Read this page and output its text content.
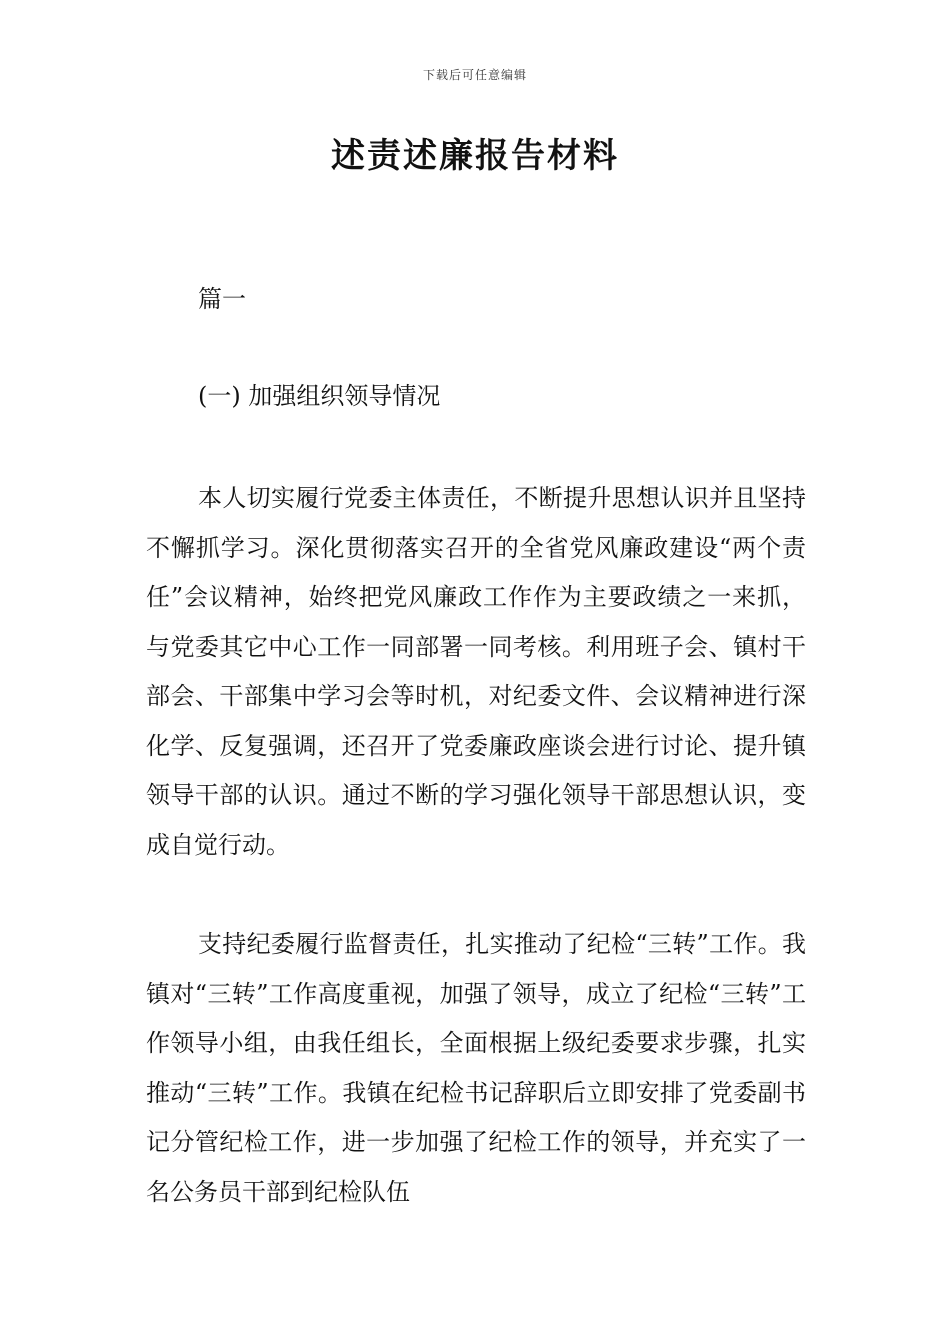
下载后可任意编辑
述责述廉报告材料
篇一
(一) 加强组织领导情况

本人切实履行党委主体责任，不断提升思想认识并且坚持不懈抓学习。深化贯彻落实召开的全省党风廉政建设“两个责任”会议精神，始终把党风廉政工作作为主要政绩之一来抓，与党委其它中心工作一同部署一同考核。利用班子会、镇村干部会、干部集中学习会等时机，对纪委文件、会议精神进行深化学、反复强调，还召开了党委廉政座谈会进行讨论、提升镇领导干部的认识。通过不断的学习强化领导干部思想认识，变成自觉行动。

支持纪委履行监督责任，扎实推动了纪检“三转”工作。我镇对“三转”工作高度重视，加强了领导，成立了纪检“三转”工作领导小组，由我任组长，全面根据上级纪委要求步骤，扎实推动“三转”工作。我镇在纪检书记辞职后立即安排了党委副书记分管纪检工作，进一步加强了纪检工作的领导，并充实了一名公务员干部到纪检队伍
